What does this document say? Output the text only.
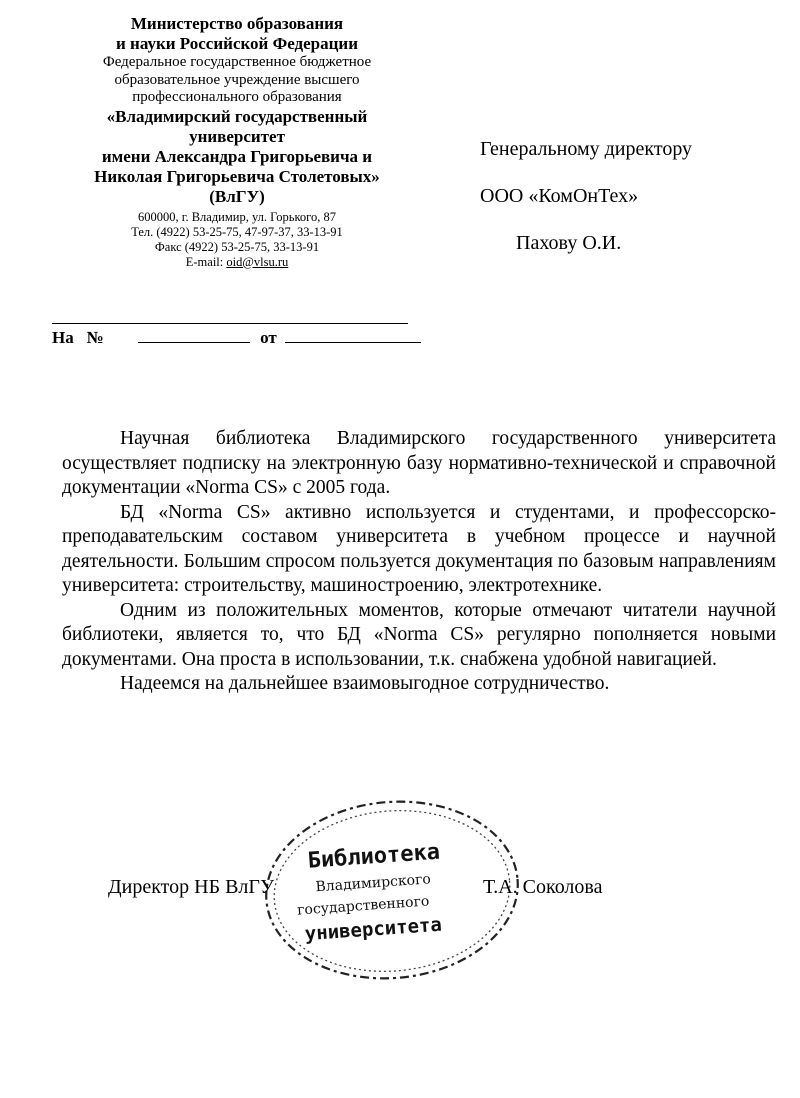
Министерство образования
и науки Российской Федерации
Федеральное государственное бюджетное
образовательное учреждение высшего
профессионального образования
«Владимирский государственный
университет
имени Александра Григорьевича и
Николая Григорьевича Столетовых»
(ВлГУ)
600000, г. Владимир, ул. Горького, 87
Тел. (4922) 53-25-75, 47-97-37, 33-13-91
Факс (4922) 53-25-75, 33-13-91
E-mail: oid@vlsu.ru
На №	от
Генеральному директору
ООО «КомОнТех»
Пахову О.И.

Научная библиотека Владимирского государственного университета осуществляет подписку на электронную базу нормативно-технической и справочной документации «Norma CS» с 2005 года.

БД «Norma CS» активно используется и студентами, и профессорско-преподавательским составом университета в учебном процессе и научной деятельности. Большим спросом пользуется документация по базовым направлениям университета: строительству, машиностроению, электротехнике.

Одним из положительных моментов, которые отмечают читатели научной библиотеки, является то, что БД «Norma CS» регулярно пополняется новыми документами. Она проста в использовании, т.к. снабжена удобной навигацией.

Надеемся на дальнейшее взаимовыгодное сотрудничество.

Библиотека
Владимирского
государственного
университета
Директор НБ ВлГУ	Т.А. Соколова
